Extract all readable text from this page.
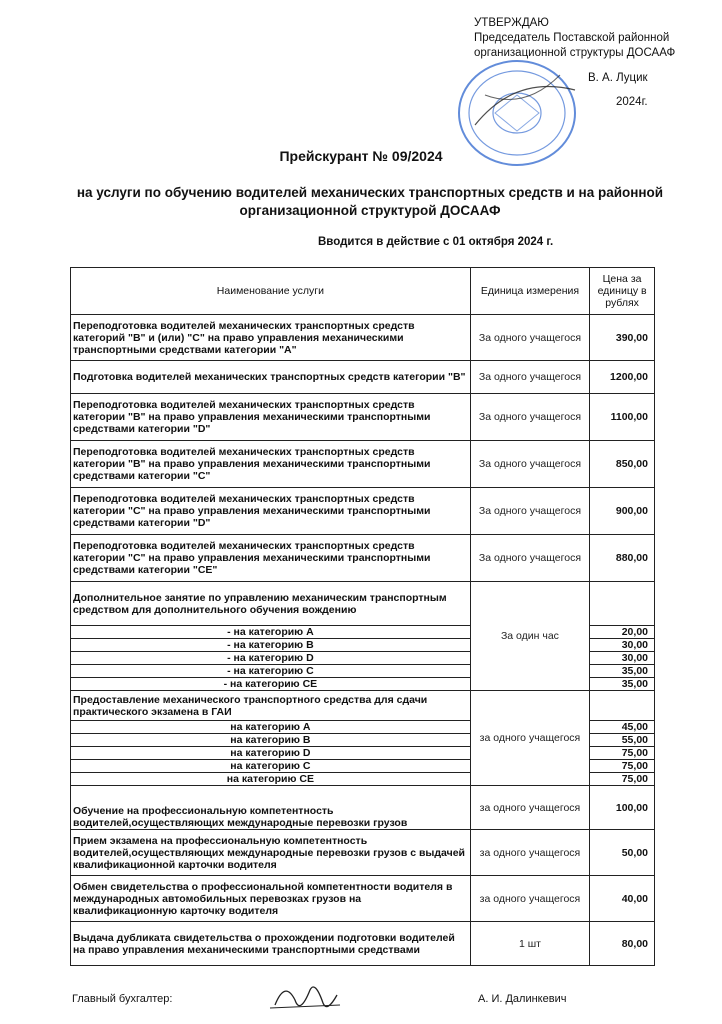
УТВЕРЖДАЮ
Председатель Поставской районной
организационной структуры ДОСААФ
В. А. Луцик
2024г.
Прейскурант № 09/2024
на услуги по обучению водителей механических транспортных средств и на районной организационной структурой ДОСААФ
Вводится в действие с 01 октября 2024 г.
Наименование услуги	Единица измерения	Цена за единицу в рублях
Переподготовка водителей механических транспортных средств категорий "В" и (или) "С" на право управления механическими транспортными средствами категории "А"	За одного учащегося	390,00
Подготовка водителей механических транспортных средств категории "В"	За одного учащегося	1200,00
Переподготовка водителей механических транспортных средств категории "В" на право управления механическими транспортными средствами категории "D"	За одного учащегося	1100,00
Переподготовка водителей механических транспортных средств категории "В" на право управления механическими транспортными средствами категории "С"	За одного учащегося	850,00
Переподготовка водителей механических транспортных средств категории "С" на право управления механическими транспортными средствами категории "D"	За одного учащегося	900,00
Переподготовка водителей механических транспортных средств категории "С" на право управления механическими транспортными средствами категории "СЕ"	За одного учащегося	880,00
Дополнительное занятие по управлению механическим транспортным средством для дополнительного обучения вождению	За один час	
- на категорию А		20,00
- на категорию В		30,00
- на категорию D		30,00
- на категорию С		35,00
- на категорию СЕ		35,00
Предоставление механического транспортного средства для сдачи практического экзамена в ГАИ	за одного учащегося	
на категорию А		45,00
на категорию В		55,00
на категорию D		75,00
на категорию С		75,00
на категорию СЕ		75,00
Обучение на профессиональную компетентность водителей,осуществляющих международные перевозки грузов	за одного учащегося	100,00
Прием экзамена на профессиональную компетентность водителей,осуществляющих международные перевозки грузов с выдачей квалификационной карточки водителя	за одного учащегося	50,00
Обмен свидетельства о профессиональной компетентности водителя в международных автомобильных перевозках грузов на квалификационную карточку водителя	за одного учащегося	40,00
Выдача дубликата свидетельства о прохождении подготовки водителей на право управления механическими транспортными средствами	1 шт	80,00
Главный бухгалтер:	А. И. Далинкевич
